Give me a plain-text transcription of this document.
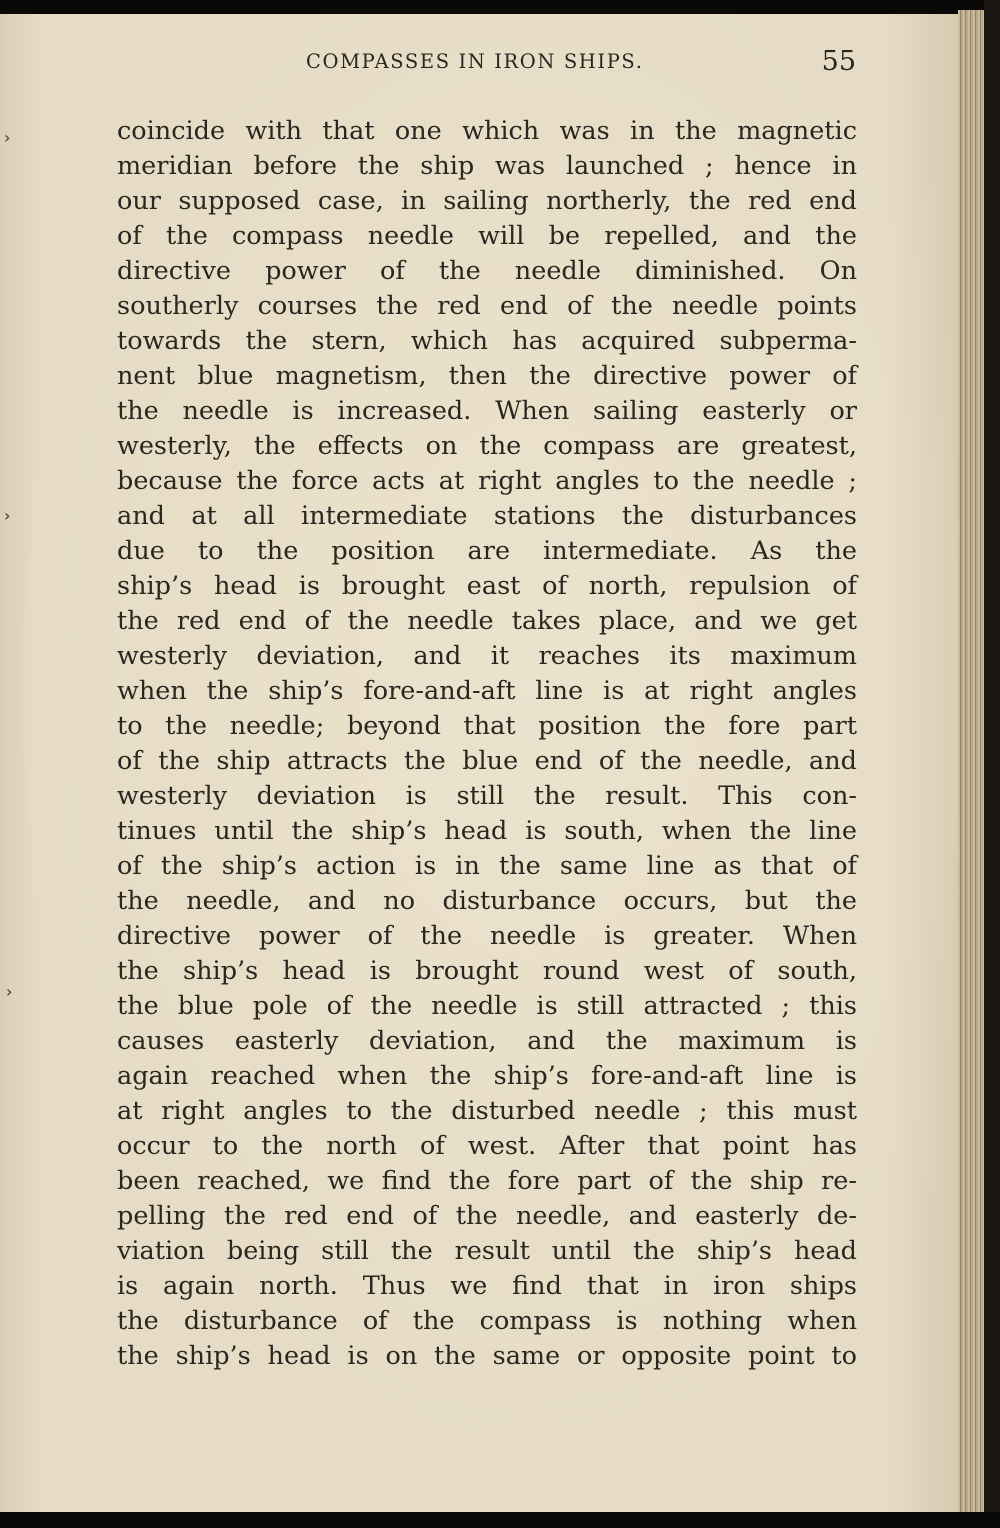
›
›
›
COMPASSES IN IRON SHIPS.	55
coincide with that one which was in the magnetic
meridian before the ship was launched ; hence in
our supposed case, in sailing northerly, the red end
of the compass needle will be repelled, and the
directive power of the needle diminished. On
southerly courses the red end of the needle points
towards the stern, which has acquired subperma-
nent blue magnetism, then the directive power of
the needle is increased. When sailing easterly or
westerly, the effects on the compass are greatest,
because the force acts at right angles to the needle ;
and at all intermediate stations the disturbances
due to the position are intermediate. As the
ship’s head is brought east of north, repulsion of
the red end of the needle takes place, and we get
westerly deviation, and it reaches its maximum
when the ship’s fore-and-aft line is at right angles
to the needle; beyond that position the fore part
of the ship attracts the blue end of the needle, and
westerly deviation is still the result. This con-
tinues until the ship’s head is south, when the line
of the ship’s action is in the same line as that of
the needle, and no disturbance occurs, but the
directive power of the needle is greater. When
the ship’s head is brought round west of south,
the blue pole of the needle is still attracted ; this
causes easterly deviation, and the maximum is
again reached when the ship’s fore-and-aft line is
at right angles to the disturbed needle ; this must
occur to the north of west. After that point has
been reached, we find the fore part of the ship re-
pelling the red end of the needle, and easterly de-
viation being still the result until the ship’s head
is again north. Thus we find that in iron ships
the disturbance of the compass is nothing when
the ship’s head is on the same or opposite point to
